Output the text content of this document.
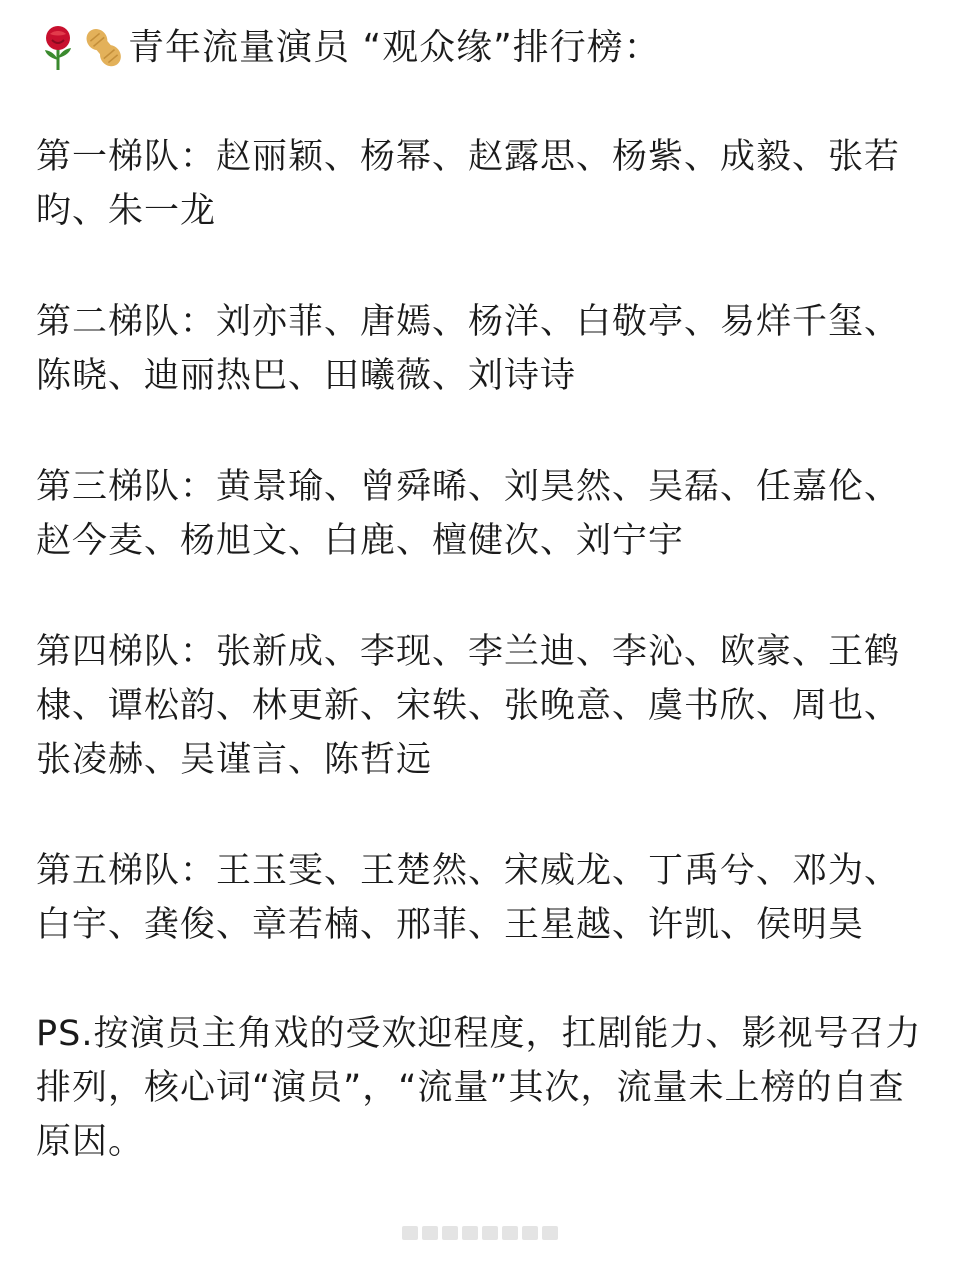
青年流量演员 “观众缘”排行榜：
第一梯队：赵丽颖、杨幂、赵露思、杨紫、成毅、张若昀、朱一龙
第二梯队：刘亦菲、唐嫣、杨洋、白敬亭、易烊千玺、陈晓、迪丽热巴、田曦薇、刘诗诗
第三梯队：黄景瑜、曾舜晞、刘昊然、吴磊、任嘉伦、赵今麦、杨旭文、白鹿、檀健次、刘宁宇
第四梯队：张新成、李现、李兰迪、李沁、欧豪、王鹤棣、谭松韵、林更新、宋轶、张晚意、虞书欣、周也、张凌赫、吴谨言、陈哲远
第五梯队：王玉雯、王楚然、宋威龙、丁禹兮、邓为、白宇、龚俊、章若楠、邢菲、王星越、许凯、侯明昊
PS.按演员主角戏的受欢迎程度，扛剧能力、影视号召力排列，核心词“演员”，“流量”其次，流量未上榜的自查原因。
